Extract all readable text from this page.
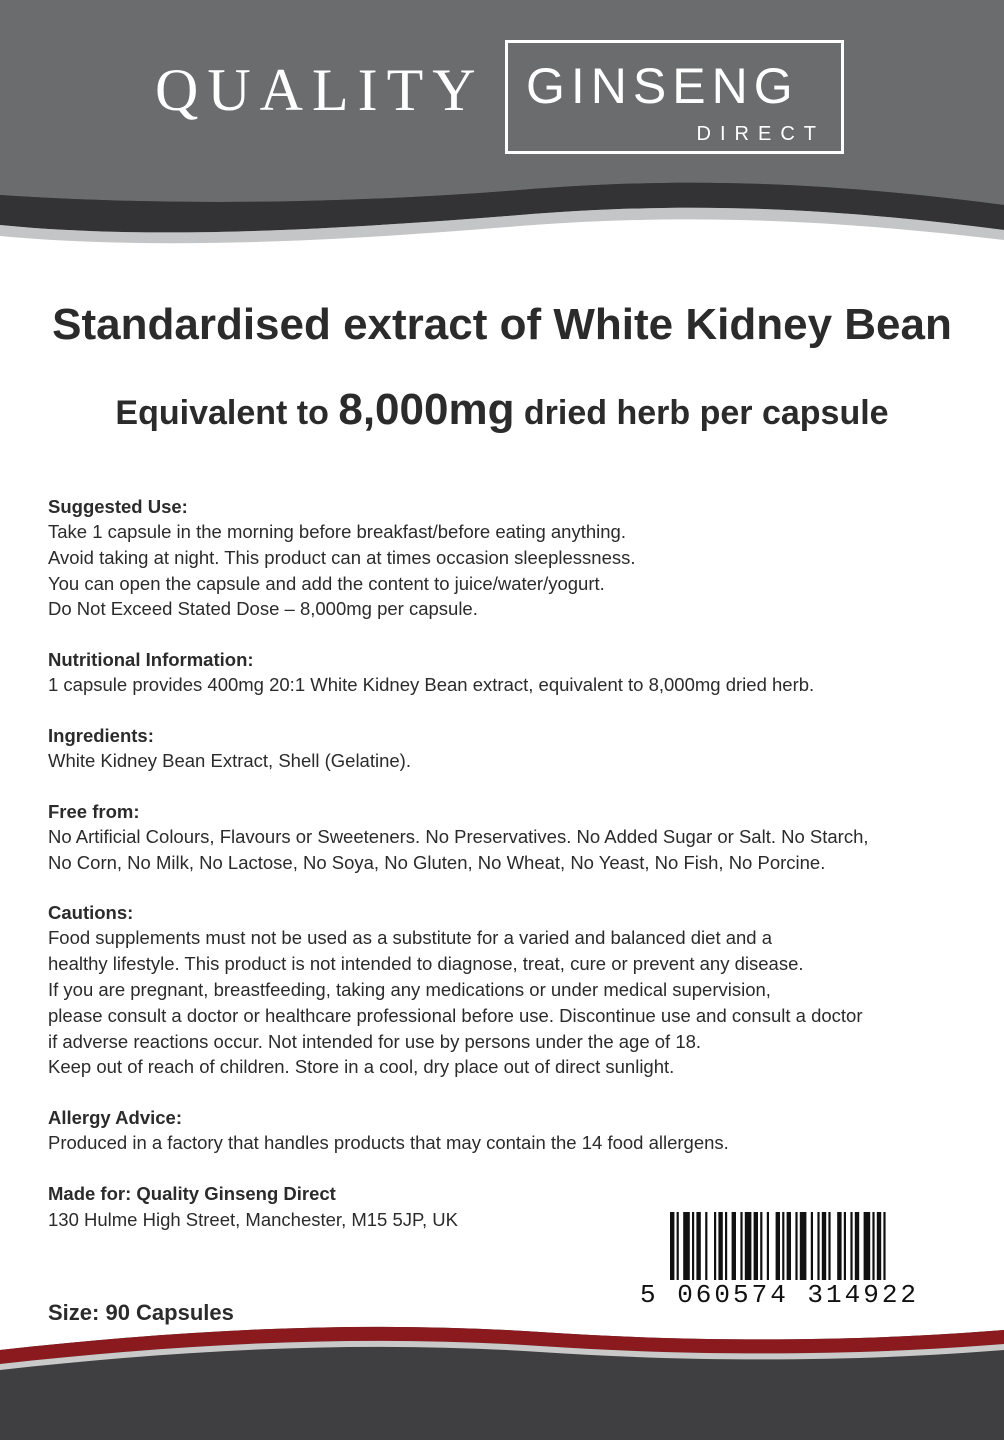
QUALITY GINSENG
DIRECT
Standardised extract of White Kidney Bean
Equivalent to 8,000mg dried herb per capsule

Suggested Use:

Take 1 capsule in the morning before breakfast/before eating anything.

Avoid taking at night. This product can at times occasion sleeplessness.

You can open the capsule and add the content to juice/water/yogurt.

Do Not Exceed Stated Dose – 8,000mg per capsule.

Nutritional Information:

1 capsule provides 400mg 20:1 White Kidney Bean extract, equivalent to 8,000mg dried herb.

Ingredients:

White Kidney Bean Extract, Shell (Gelatine).

Free from:

No Artificial Colours, Flavours or Sweeteners. No Preservatives. No Added Sugar or Salt. No Starch,

No Corn, No Milk, No Lactose, No Soya, No Gluten, No Wheat, No Yeast, No Fish, No Porcine.

Cautions:

Food supplements must not be used as a substitute for a varied and balanced diet and a

healthy lifestyle. This product is not intended to diagnose, treat, cure or prevent any disease.

If you are pregnant, breastfeeding, taking any medications or under medical supervision,

please consult a doctor or healthcare professional before use. Discontinue use and consult a doctor

if adverse reactions occur. Not intended for use by persons under the age of 18.

Keep out of reach of children. Store in a cool, dry place out of direct sunlight.

Allergy Advice:

Produced in a factory that handles products that may contain the 14 food allergens.

Made for: Quality Ginseng Direct

130 Hulme High Street, Manchester, M15 5JP, UK

Size: 90 Capsules

5 060574 314922
